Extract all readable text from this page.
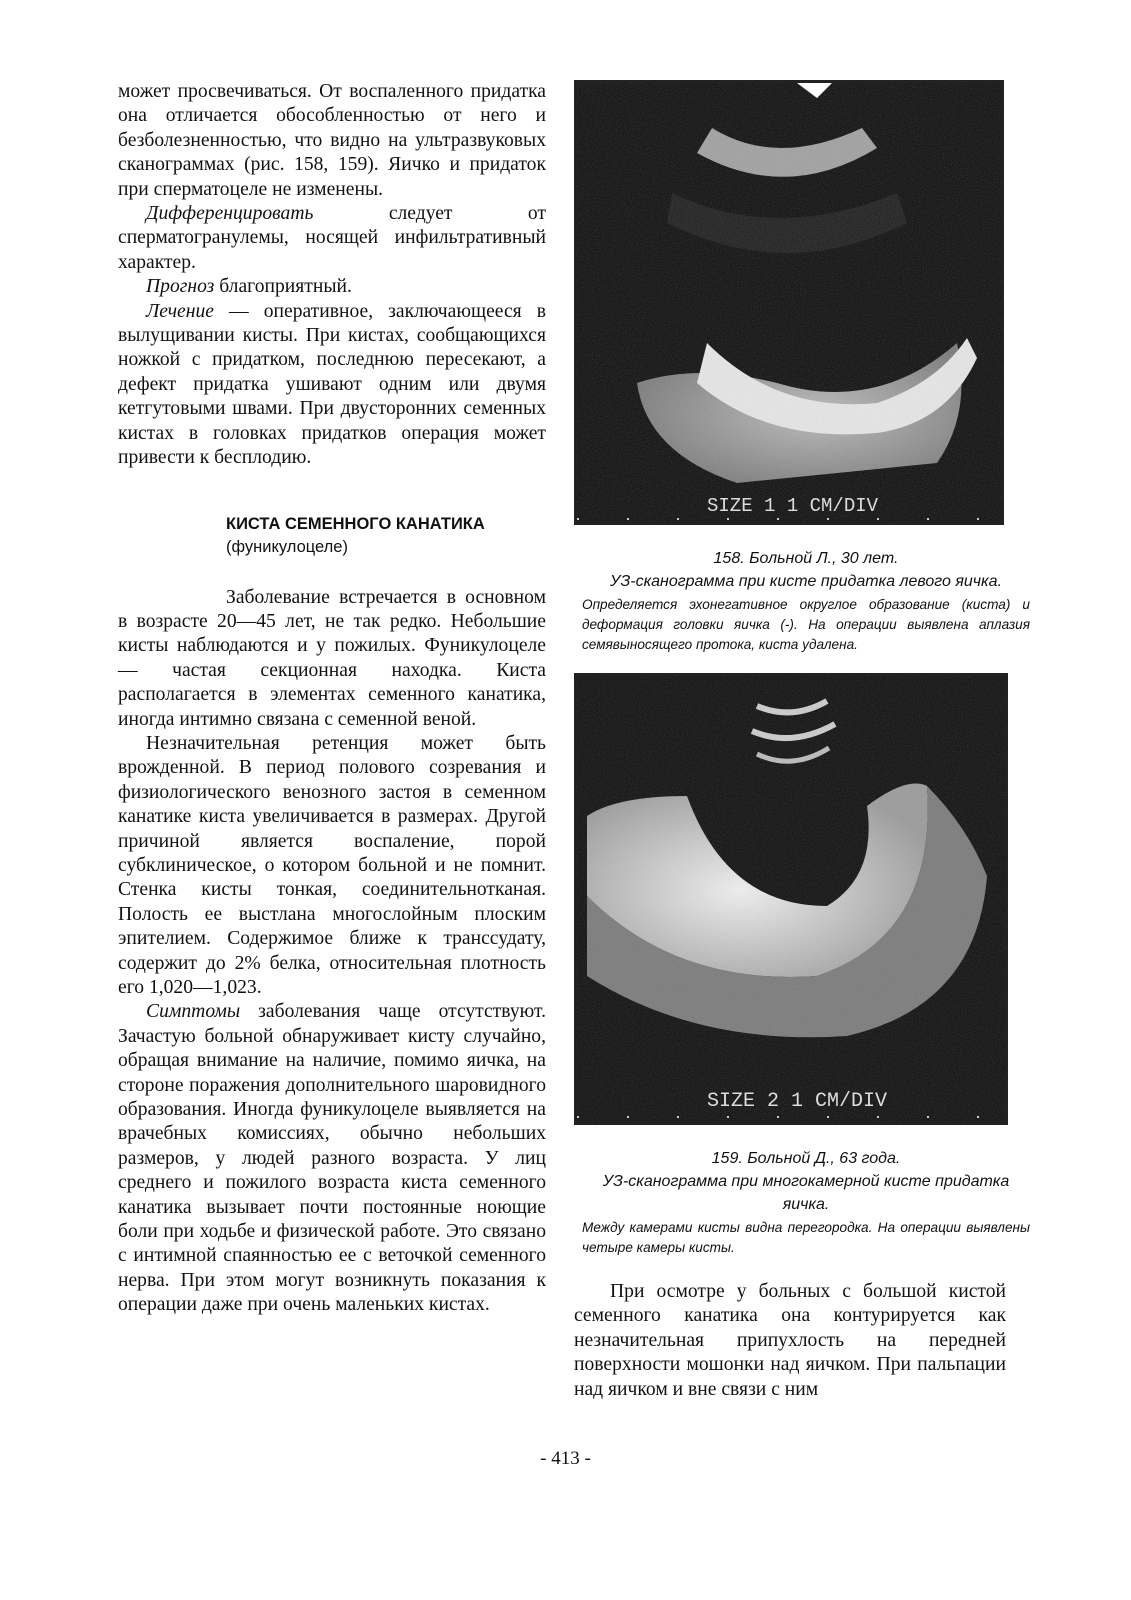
может просвечиваться. От воспаленного придатка она отличается обособленностью от него и безболезненностью, что видно на ультразвуковых сканограммах (рис. 158, 159). Яичко и придаток при сперматоцеле не изменены.

Дифференцировать следует от сперматогранулемы, носящей инфильтративный характер.

Прогноз благоприятный.

Лечение — оперативное, заключающееся в вылущивании кисты. При кистах, сообщающихся ножкой с придатком, последнюю пересекают, а дефект придатка ушивают одним или двумя кетгутовыми швами. При двусторонних семенных кистах в головках придатков операция может привести к бесплодию.

КИСТА СЕМЕННОГО КАНАТИКА

(фуникулоцеле)

Заболевание встречается в основном в возрасте 20—45 лет, не так редко. Небольшие кисты наблюдаются и у пожилых. Фуникулоцеле — частая секционная находка. Киста располагается в элементах семенного канатика, иногда интимно связана с семенной веной.

Незначительная ретенция может быть врожденной. В период полового созревания и физиологического венозного застоя в семенном канатике киста увеличивается в размерах. Другой причиной является воспаление, порой субклиническое, о котором больной и не помнит. Стенка кисты тонкая, соединительнотканая. Полость ее выстлана многослойным плоским эпителием. Содержимое ближе к транссудату, содержит до 2% белка, относительная плотность его 1,020—1,023.

Симптомы заболевания чаще отсутствуют. Зачастую больной обнаруживает кисту случайно, обращая внимание на наличие, помимо яичка, на стороне поражения дополнительного шаровидного образования. Иногда фуникулоцеле выявляется на врачебных комиссиях, обычно небольших размеров, у людей разного возраста. У лиц среднего и пожилого возраста киста семенного канатика вызывает почти постоянные ноющие боли при ходьбе и физической работе. Это связано с интимной спаянностью ее с веточкой семенного нерва. При этом могут возникнуть показания к операции даже при очень маленьких кистах.

SIZE 1 1 CM/DIV

158. Больной Л., 30 лет.

УЗ-сканограмма при кисте придатка левого яичка.

Определяется эхонегативное округлое образование (киста) и деформация головки яичка (-). На операции выявлена аплазия семявыносящего протока, киста удалена.

SIZE 2 1 CM/DIV

159. Больной Д., 63 года.

УЗ-сканограмма при многокамерной кисте придатка яичка.

Между камерами кисты видна перегородка. На операции выявлены четыре камеры кисты.

При осмотре у больных с большой кистой семенного канатика она контурируется как незначительная припухлость на передней поверхности мошонки над яичком. При пальпации над яичком и вне связи с ним

- 413 -
